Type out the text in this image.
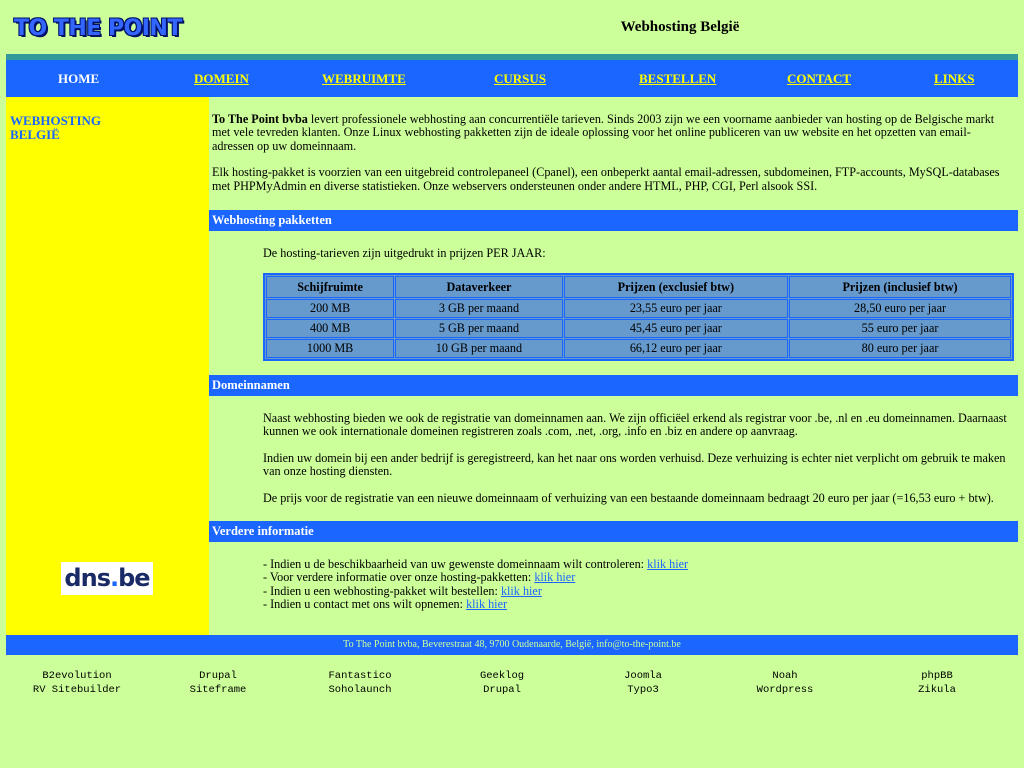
TO THE POINT	Webhosting België
HOME	DOMEIN	WEBRUIMTE	CURSUS	BESTELLEN	CONTACT	LINKS
WEBHOSTING
BELGIË
dns.be

To The Point bvba levert professionele webhosting aan concurrentiële tarieven. Sinds 2003 zijn we een voorname aanbieder van hosting op de Belgische markt met vele tevreden klanten. Onze Linux webhosting pakketten zijn de ideale oplossing voor het online publiceren van uw website en het opzetten van email-adressen op uw domeinnaam.

Elk hosting-pakket is voorzien van een uitgebreid controlepaneel (Cpanel), een onbeperkt aantal email-adressen, subdomeinen, FTP-accounts, MySQL-databases met PHPMyAdmin en diverse statistieken. Onze webservers ondersteunen onder andere HTML, PHP, CGI, Perl alsook SSI.

Webhosting pakketten
De hosting-tarieven zijn uitgedrukt in prijzen PER JAAR:
Schijfruimte	Dataverkeer	Prijzen (exclusief btw)	Prijzen (inclusief btw)
200 MB	3 GB per maand	23,55 euro per jaar	28,50 euro per jaar
400 MB	5 GB per maand	45,45 euro per jaar	55 euro per jaar
1000 MB	10 GB per maand	66,12 euro per jaar	80 euro per jaar
Domeinnamen

Naast webhosting bieden we ook de registratie van domeinnamen aan. We zijn officiëel erkend als registrar voor .be, .nl en .eu domeinnamen. Daarnaast kunnen we ook internationale domeinen registreren zoals .com, .net, .org, .info en .biz en andere op aanvraag.

Indien uw domein bij een ander bedrijf is geregistreerd, kan het naar ons worden verhuisd. Deze verhuizing is echter niet verplicht om gebruik te maken van onze hosting diensten.

De prijs voor de registratie van een nieuwe domeinnaam of verhuizing van een bestaande domeinnaam bedraagt 20 euro per jaar (=16,53 euro + btw).

Verdere informatie
- Indien u de beschikbaarheid van uw gewenste domeinnaam wilt controleren: klik hier
- Voor verdere informatie over onze hosting-pakketten: klik hier
- Indien u een webhosting-pakket wilt bestellen: klik hier
- Indien u contact met ons wilt opnemen: klik hier
To The Point bvba, Beverestraat 48, 9700 Oudenaarde, België, info@to-the-point.be
B2evolution
RV Sitebuilder
Drupal
Siteframe
Fantastico
Soholaunch
Geeklog
Drupal
Joomla
Typo3
Noah
Wordpress
phpBB
Zikula
